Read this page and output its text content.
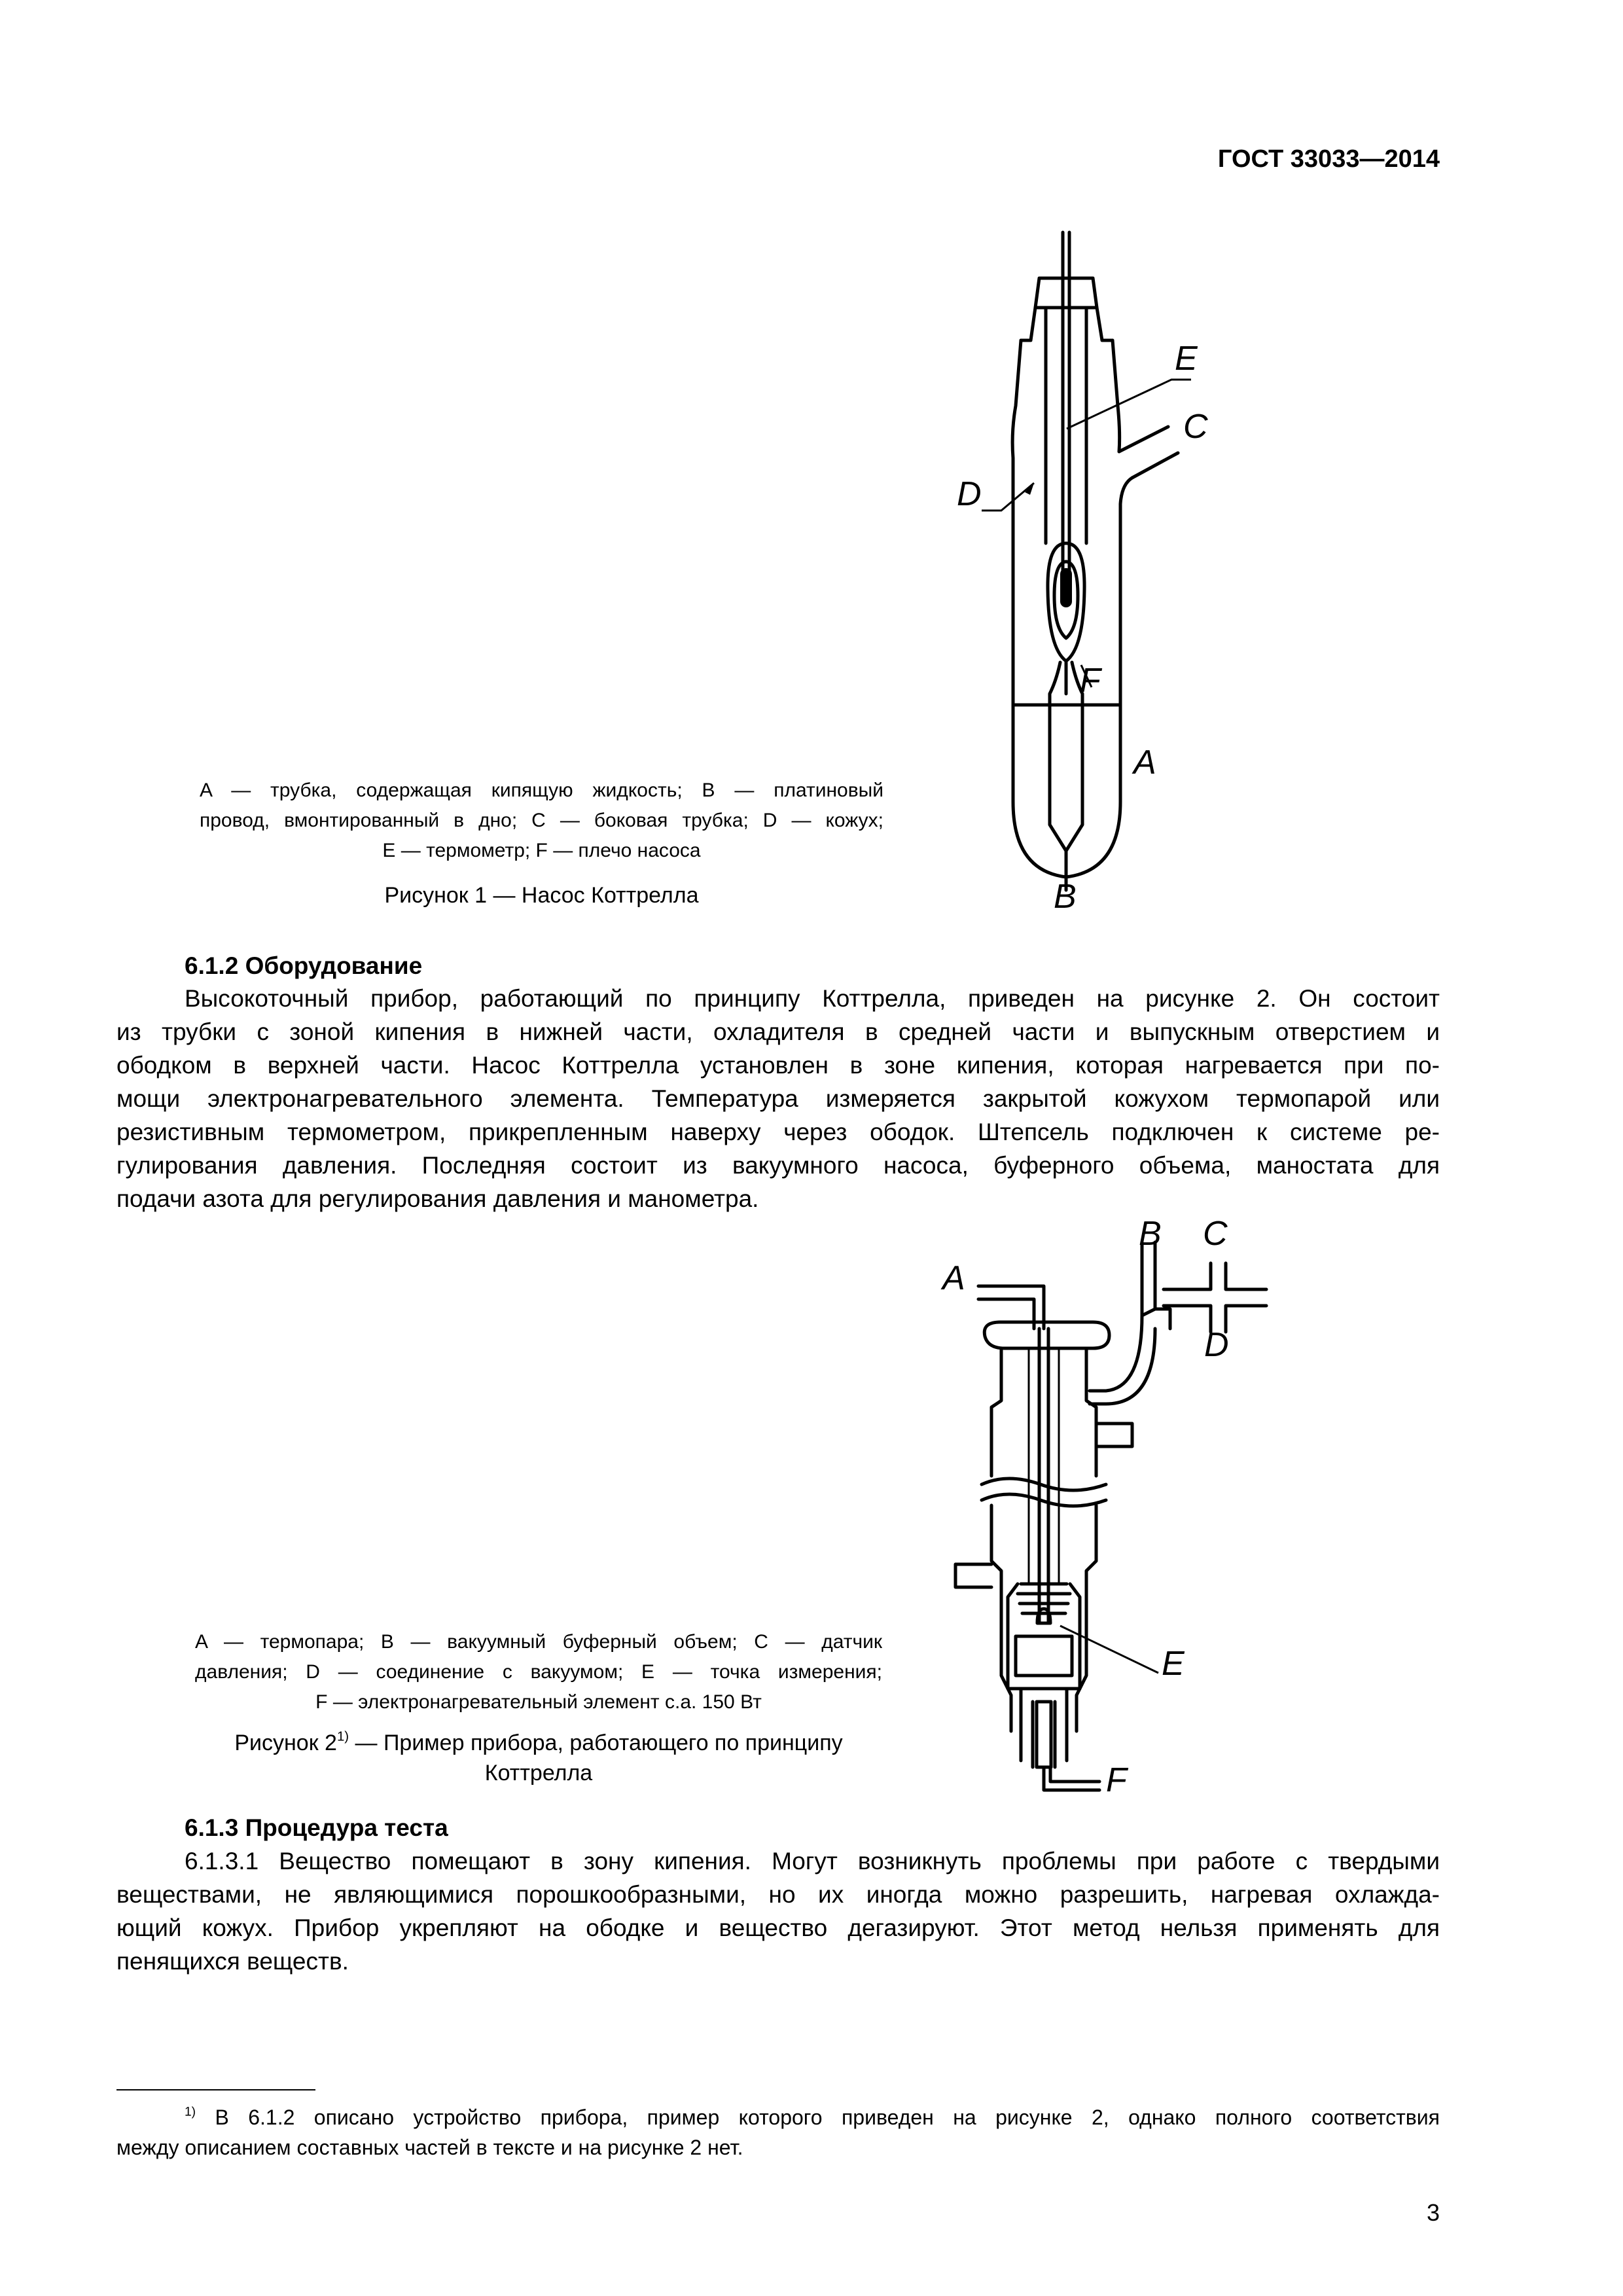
ГОСТ 33033—2014
E
C
D
F
A
B
A — трубка, содержащая кипящую жидкость; B — платиновый
провод, вмонтированный в дно; C — боковая трубка; D — кожух;
E — термометр; F — плечо насоса
Рисунок 1 — Насос Коттрелла
6.1.2 Оборудование
Высокоточный прибор, работающий по принципу Коттрелла, приведен на рисунке 2. Он состоит
из трубки с зоной кипения в нижней части, охладителя в средней части и выпускным отверстием и
ободком в верхней части. Насос Коттрелла установлен в зоне кипения, которая нагревается при по-
мощи электронагревательного элемента. Температура измеряется закрытой кожухом термопарой или
резистивным термометром, прикрепленным наверху через ободок. Штепсель подключен к системе ре-
гулирования давления. Последняя состоит из вакуумного насоса, буферного объема, маностата для
подачи азота для регулирования давления и манометра.
A
B C
D
E
F
A — термопара; B — вакуумный буферный объем; C — датчик
давления; D — соединение с вакуумом; E — точка измерения;
F — электронагревательный элемент с.а. 150 Вт
Рисунок 2$^{1)}$ — Пример прибора, работающего по принципу
Коттрелла
6.1.3 Процедура теста
6.1.3.1 Вещество помещают в зону кипения. Могут возникнуть проблемы при работе с твердыми
веществами, не являющимися порошкообразными, но их иногда можно разрешить, нагревая охлажда-
ющий кожух. Прибор укрепляют на ободке и вещество дегазируют. Этот метод нельзя применять для
пенящихся веществ.
$^{1)}$ В 6.1.2 описано устройство прибора, пример которого приведен на рисунке 2, однако полного соответствия
между описанием составных частей в тексте и на рисунке 2 нет.
3
